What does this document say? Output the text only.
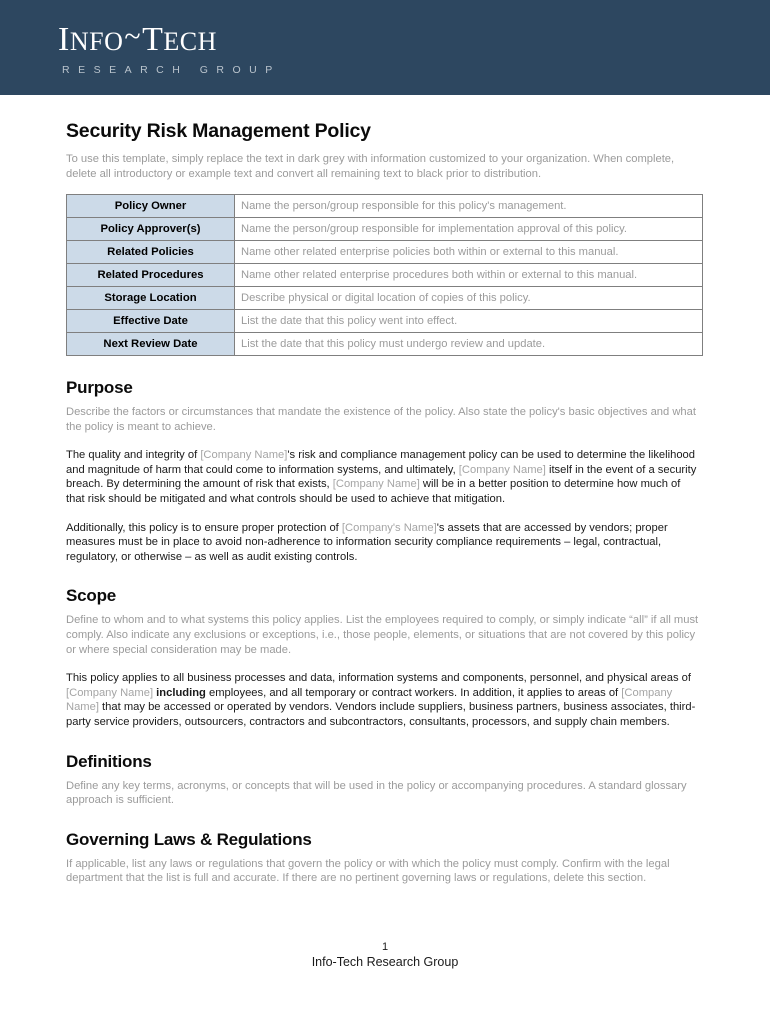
INFO~TECH
RESEARCH GROUP
Security Risk Management Policy

To use this template, simply replace the text in dark grey with information customized to your organization. When complete, delete all introductory or example text and convert all remaining text to black prior to distribution.

Policy Owner	Name the person/group responsible for this policy's management.
Policy Approver(s)	Name the person/group responsible for implementation approval of this policy.
Related Policies	Name other related enterprise policies both within or external to this manual.
Related Procedures	Name other related enterprise procedures both within or external to this manual.
Storage Location	Describe physical or digital location of copies of this policy.
Effective Date	List the date that this policy went into effect.
Next Review Date	List the date that this policy must undergo review and update.
Purpose

Describe the factors or circumstances that mandate the existence of the policy. Also state the policy's basic objectives and what the policy is meant to achieve.

The quality and integrity of [Company Name]'s risk and compliance management policy can be used to determine the likelihood and magnitude of harm that could come to information systems, and ultimately, [Company Name] itself in the event of a security breach. By determining the amount of risk that exists, [Company Name] will be in a better position to determine how much of that risk should be mitigated and what controls should be used to achieve that mitigation.

Additionally, this policy is to ensure proper protection of [Company's Name]'s assets that are accessed by vendors; proper measures must be in place to avoid non-adherence to information security compliance requirements – legal, contractual, regulatory, or otherwise – as well as audit existing controls.

Scope

Define to whom and to what systems this policy applies. List the employees required to comply, or simply indicate “all” if all must comply. Also indicate any exclusions or exceptions, i.e., those people, elements, or situations that are not covered by this policy or where special consideration may be made.

This policy applies to all business processes and data, information systems and components, personnel, and physical areas of [Company Name] including employees, and all temporary or contract workers. In addition, it applies to areas of [Company Name] that may be accessed or operated by vendors. Vendors include suppliers, business partners, business associates, third-party service providers, outsourcers, contractors and subcontractors, consultants, processors, and supply chain members.

Definitions

Define any key terms, acronyms, or concepts that will be used in the policy or accompanying procedures. A standard glossary approach is sufficient.

Governing Laws & Regulations

If applicable, list any laws or regulations that govern the policy or with which the policy must comply. Confirm with the legal department that the list is full and accurate. If there are no pertinent governing laws or regulations, delete this section.

1
Info-Tech Research Group
